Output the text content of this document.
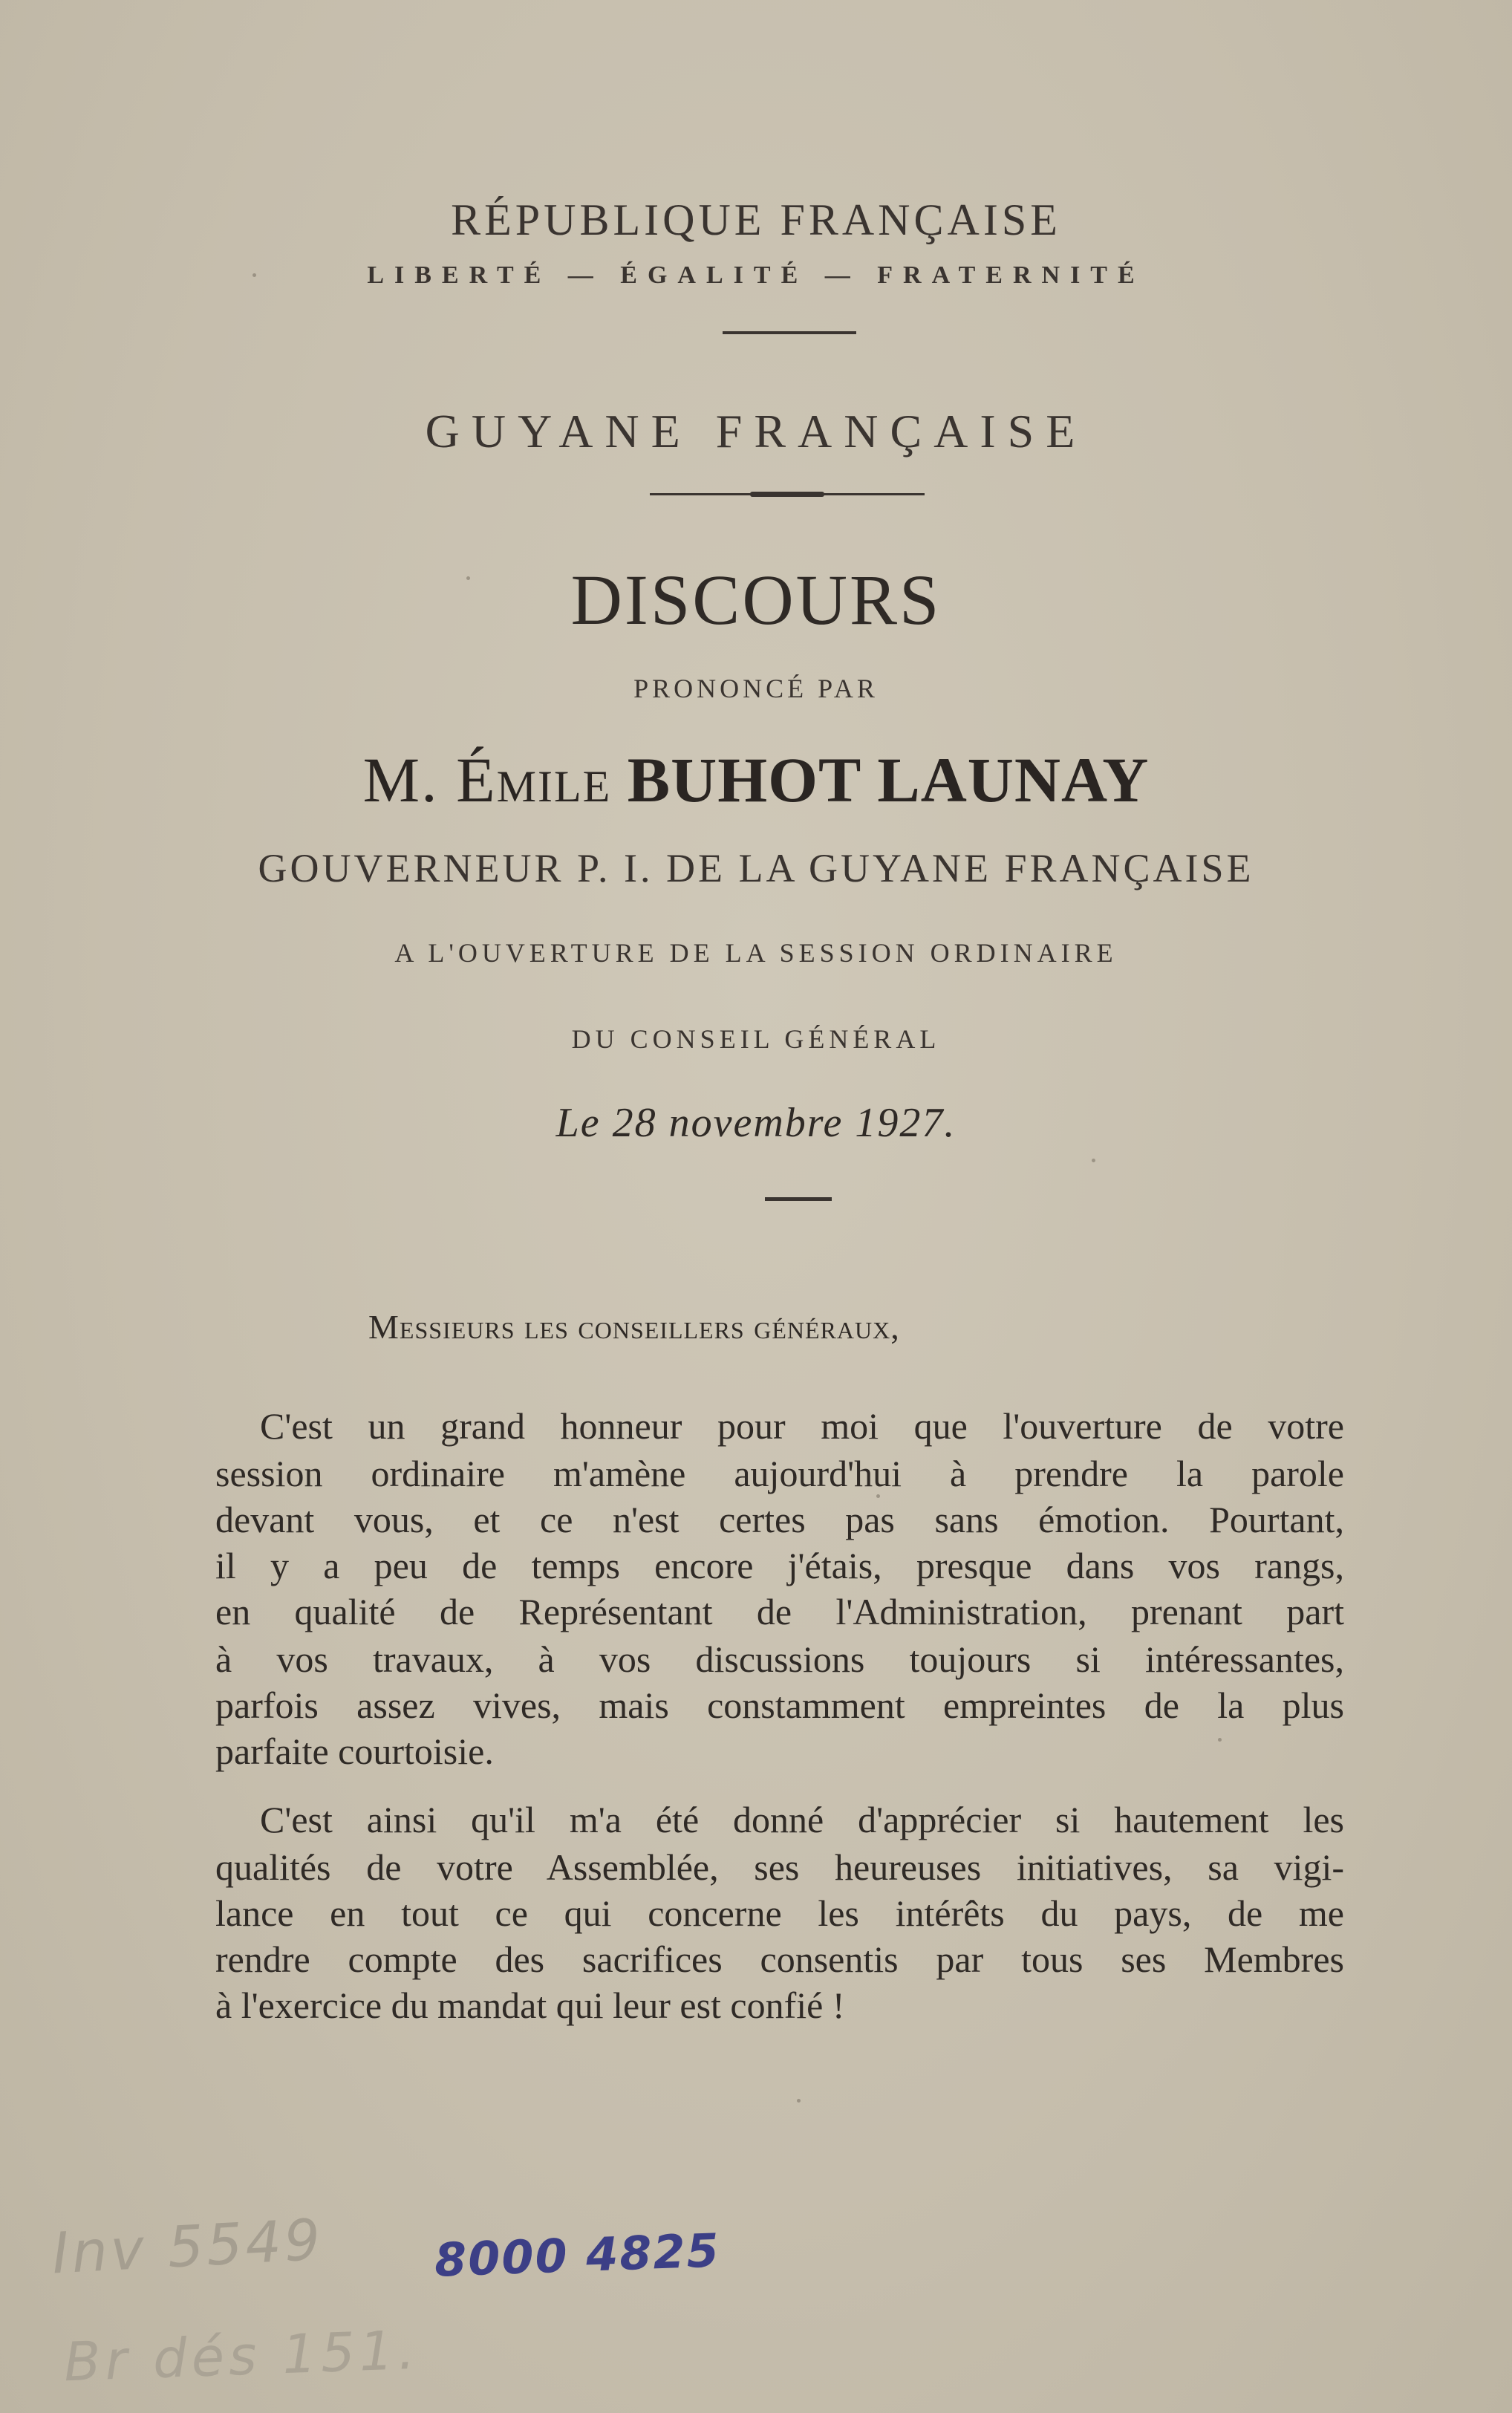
RÉPUBLIQUE FRANÇAISE
LIBERTÉ — ÉGALITÉ — FRATERNITÉ
GUYANE FRANÇAISE
DISCOURS
PRONONCÉ PAR
M. Émile BUHOT LAUNAY
GOUVERNEUR P. I. DE LA GUYANE FRANÇAISE
A L'OUVERTURE DE LA SESSION ORDINAIRE
DU CONSEIL GÉNÉRAL
Le 28 novembre 1927.
Messieurs les conseillers généraux,
C'est un grand honneur pour moi que l'ouverture de votre
session ordinaire m'amène aujourd'hui à prendre la parole
devant vous, et ce n'est certes pas sans émotion. Pourtant,
il y a peu de temps encore j'étais, presque dans vos rangs,
en qualité de Représentant de l'Administration, prenant part
à vos travaux, à vos discussions toujours si intéressantes,
parfois assez vives, mais constamment empreintes de la plus
parfaite courtoisie.
C'est ainsi qu'il m'a été donné d'apprécier si hautement les
qualités de votre Assemblée, ses heureuses initiatives, sa vigi-
lance en tout ce qui concerne les intérêts du pays, de me
rendre compte des sacrifices consentis par tous ses Membres
à l'exercice du mandat qui leur est confié !
Inv 5549
Br dés 151.
8000 4825
